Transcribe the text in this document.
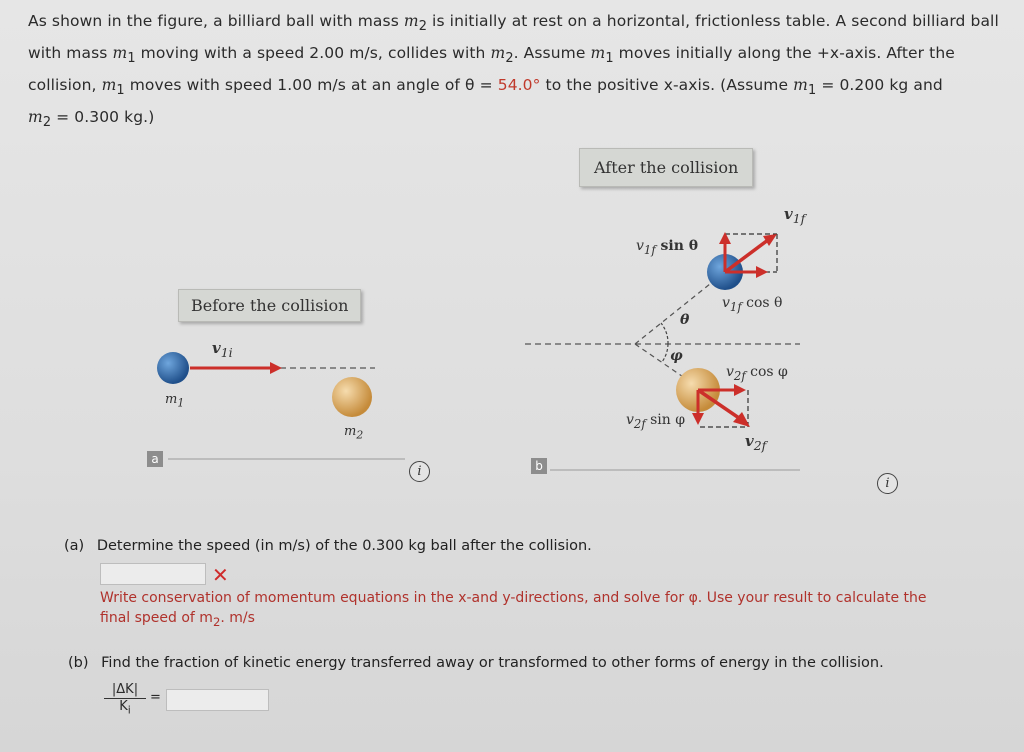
As shown in the figure, a billiard ball with mass $m_2$ is initially at rest on a horizontal, frictionless table. A second billiard ball
with mass $m_1$ moving with a speed 2.00 m/s, collides with $m_2$. Assume $m_1$ moves initially along the +x-axis. After the
collision, $m_1$ moves with speed 1.00 m/s at an angle of θ = 54.0° to the positive x-axis. (Assume $m_1 = 0.200$ kg and
$m_2 = 0.300$ kg.)
Before the collision
$v_{1i}$
$m_1$
$m_2$
a
i
After the collision
$v_{1f}$
$v_{1f}$ sin θ
$v_{1f}$ cos θ
θ
φ
$v_{2f}$ cos φ
$v_{2f}$ sin φ
$v_{2f}$
b
i
(a) Determine the speed (in m/s) of the 0.300 kg ball after the collision.
✕
Write conservation of momentum equations in the x-and y-directions, and solve for φ. Use your result to calculate the
final speed of $m_2$. m/s
(b) Find the fraction of kinetic energy transferred away or transformed to other forms of energy in the collision.
|ΔK|
$K_i$
=
